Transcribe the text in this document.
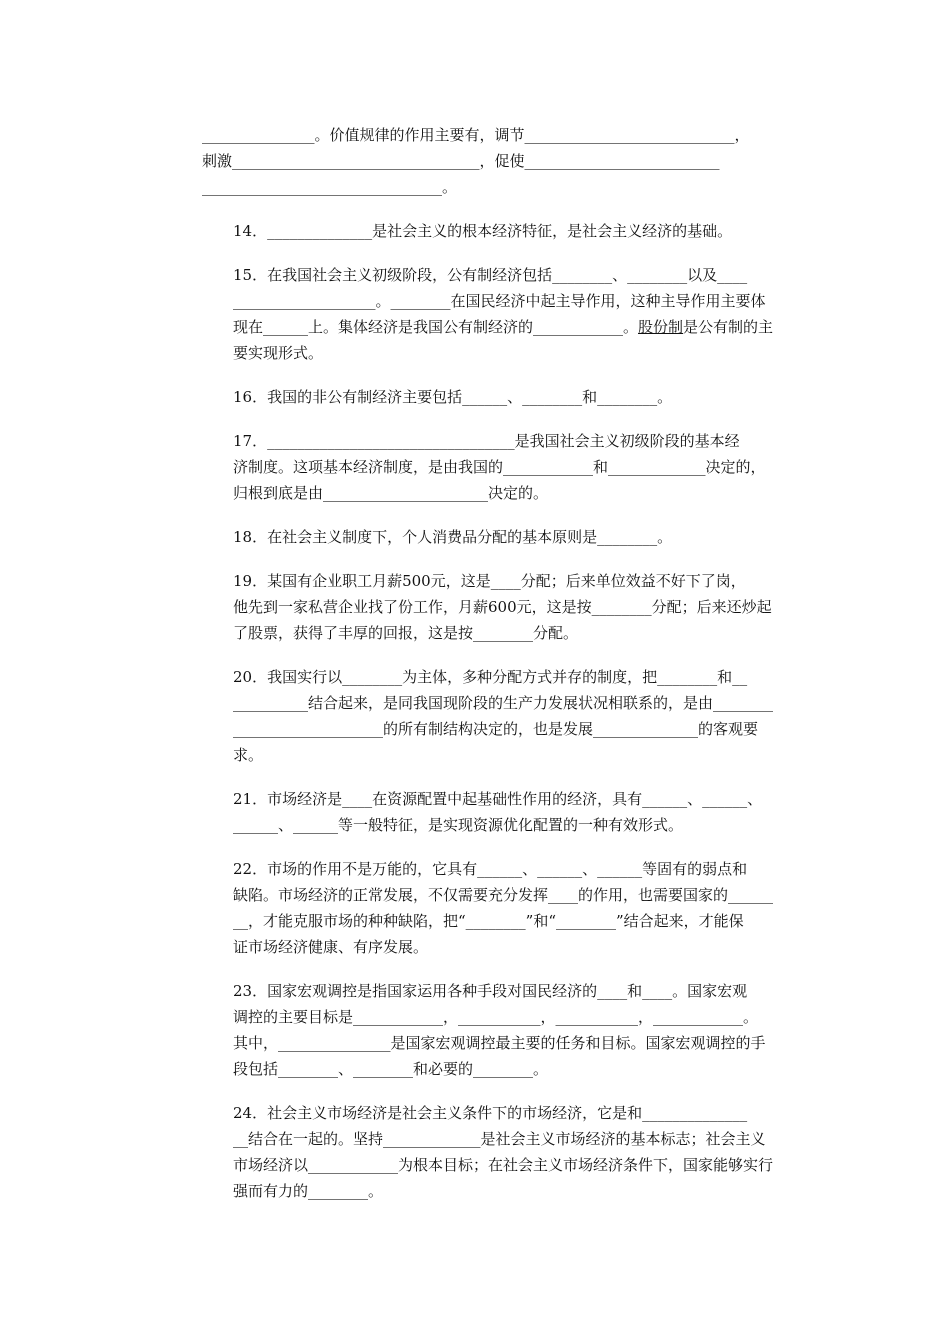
_______________。价值规律的作用主要有，调节____________________________，
刺激_________________________________，促使__________________________
________________________________。
14．______________是社会主义的根本经济特征，是社会主义经济的基础。
15．在我国社会主义初级阶段，公有制经济包括________、________以及____
___________________。________在国民经济中起主导作用，这种主导作用主要体
现在______上。集体经济是我国公有制经济的____________。股份制是公有制的主
要实现形式。
16．我国的非公有制经济主要包括______、________和________。
17．_________________________________是我国社会主义初级阶段的基本经
济制度。这项基本经济制度，是由我国的____________和_____________决定的，
归根到底是由______________________决定的。
18．在社会主义制度下，个人消费品分配的基本原则是________。
19．某国有企业职工月薪500元，这是____分配；后来单位效益不好下了岗，
他先到一家私营企业找了份工作，月薪600元，这是按________分配；后来还炒起
了股票，获得了丰厚的回报，这是按________分配。
20．我国实行以________为主体，多种分配方式并存的制度，把________和__
__________结合起来，是同我国现阶段的生产力发展状况相联系的，是由________
____________________的所有制结构决定的，也是发展______________的客观要
求。
21．市场经济是____在资源配置中起基础性作用的经济，具有______、______、
______、______等一般特征，是实现资源优化配置的一种有效形式。
22．市场的作用不是万能的，它具有______、______、______等固有的弱点和
缺陷。市场经济的正常发展，不仅需要充分发挥____的作用，也需要国家的______
__，才能克服市场的种种缺陷，把“________”和“________”结合起来，才能保
证市场经济健康、有序发展。
23．国家宏观调控是指国家运用各种手段对国民经济的____和____。国家宏观
调控的主要目标是____________，___________，___________，____________。
其中，_______________是国家宏观调控最主要的任务和目标。国家宏观调控的手
段包括________、________和必要的________。
24．社会主义市场经济是社会主义条件下的市场经济，它是和______________
__结合在一起的。坚持_____________是社会主义市场经济的基本标志；社会主义
市场经济以____________为根本目标；在社会主义市场经济条件下，国家能够实行
强而有力的________。
